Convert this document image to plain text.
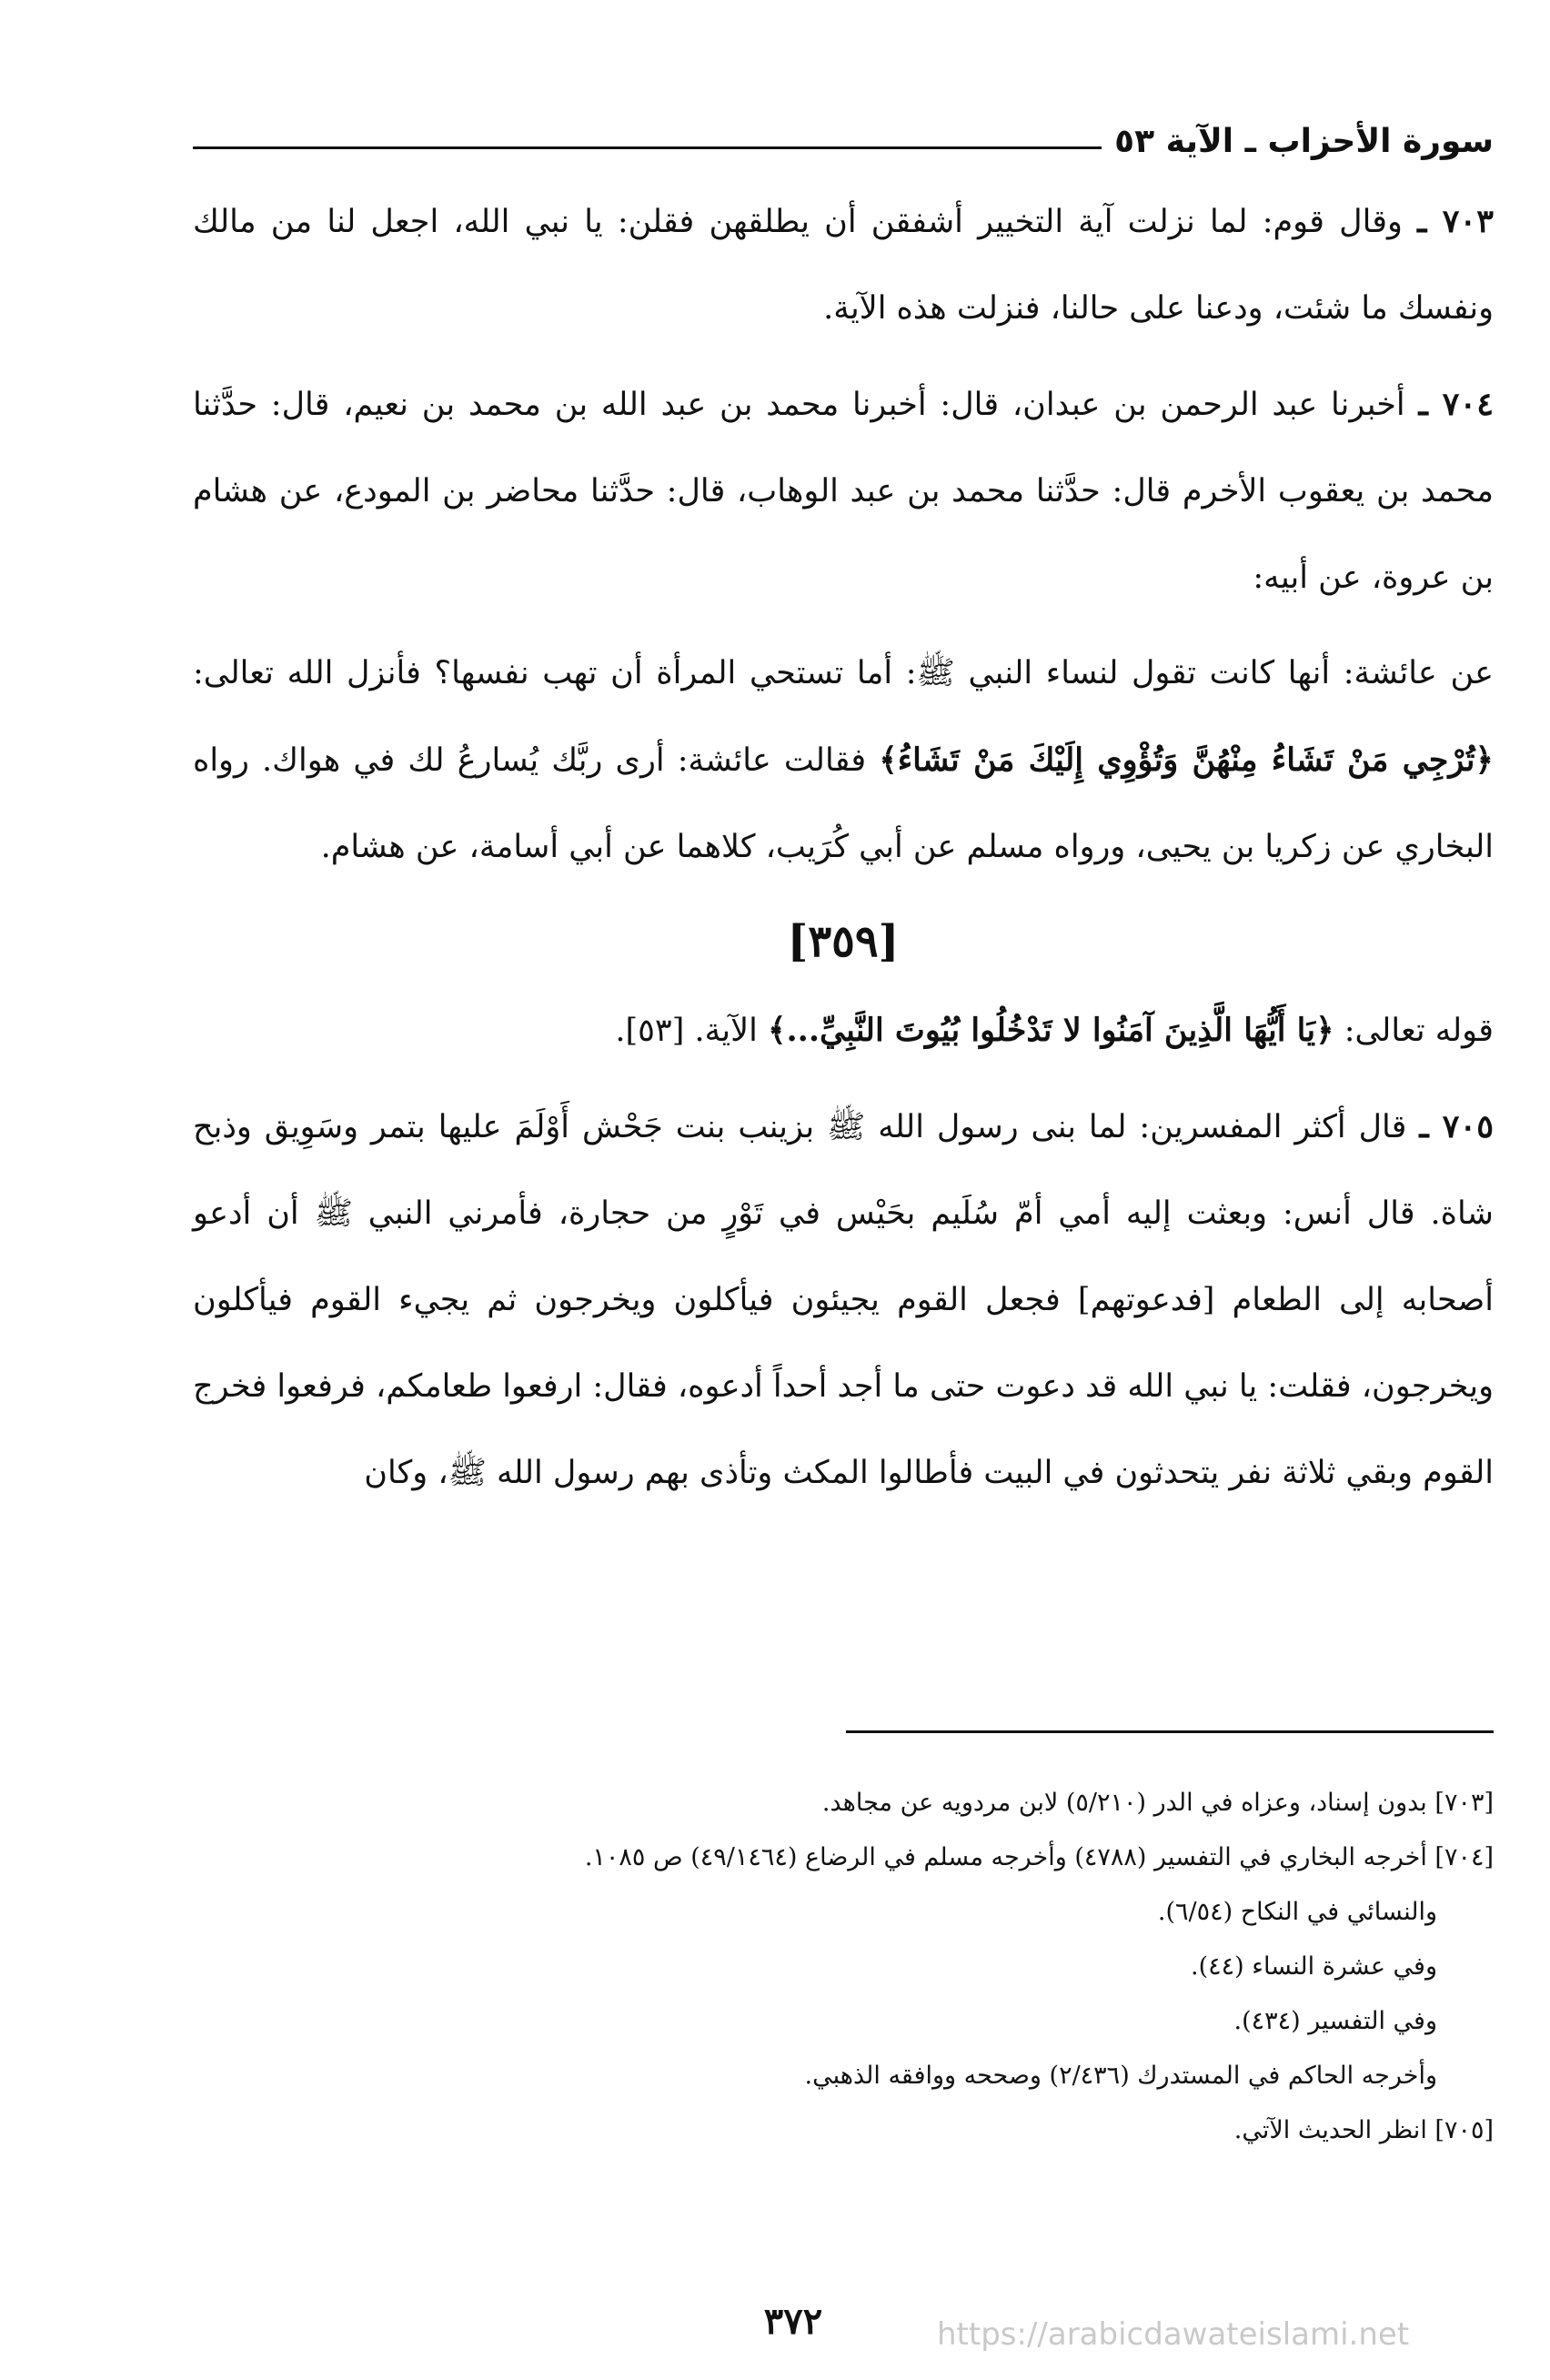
سورة الأحزاب ـ الآية ٥٣

٧٠٣ ـ وقال قوم: لما نزلت آية التخيير أشفقن أن يطلقهن فقلن: يا نبي الله، اجعل لنا من مالك ونفسك ما شئت، ودعنا على حالنا، فنزلت هذه الآية.

٧٠٤ ـ أخبرنا عبد الرحمن بن عبدان، قال: أخبرنا محمد بن عبد الله بن محمد بن نعيم، قال: حدَّثنا محمد بن يعقوب الأخرم قال: حدَّثنا محمد بن عبد الوهاب، قال: حدَّثنا محاضر بن المودع، عن هشام بن عروة، عن أبيه:

عن عائشة: أنها كانت تقول لنساء النبي ﷺ: أما تستحي المرأة أن تهب نفسها؟ فأنزل الله تعالى: ﴿تُرْجِي مَنْ تَشَاءُ مِنْهُنَّ وَتُؤْوِي إِلَيْكَ مَنْ تَشَاءُ﴾ فقالت عائشة: أرى ربَّك يُسارعُ لك في هواك. رواه البخاري عن زكريا بن يحيى، ورواه مسلم عن أبي كُرَيب، كلاهما عن أبي أسامة، عن هشام.

[٣٥٩]

قوله تعالى: ﴿يَا أَيُّهَا الَّذِينَ آمَنُوا لا تَدْخُلُوا بُيُوتَ النَّبِيِّ...﴾ الآية. [٥٣].

٧٠٥ ـ قال أكثر المفسرين: لما بنى رسول الله ﷺ بزينب بنت جَحْش أَوْلَمَ عليها بتمر وسَوِيق وذبح شاة. قال أنس: وبعثت إليه أمي أمّ سُلَيم بحَيْس في تَوْرٍ من حجارة، فأمرني النبي ﷺ أن أدعو أصحابه إلى الطعام [فدعوتهم] فجعل القوم يجيئون فيأكلون ويخرجون ثم يجيء القوم فيأكلون ويخرجون، فقلت: يا نبي الله قد دعوت حتى ما أجد أحداً أدعوه، فقال: ارفعوا طعامكم، فرفعوا فخرج القوم وبقي ثلاثة نفر يتحدثون في البيت فأطالوا المكث وتأذى بهم رسول الله ﷺ، وكان

[٧٠٣] بدون إسناد، وعزاه في الدر (٥/٢١٠) لابن مردويه عن مجاهد.

[٧٠٤] أخرجه البخاري في التفسير (٤٧٨٨) وأخرجه مسلم في الرضاع (٤٩/١٤٦٤) ص ١٠٨٥.

والنسائي في النكاح (٦/٥٤).

وفي عشرة النساء (٤٤).

وفي التفسير (٤٣٤).

وأخرجه الحاكم في المستدرك (٢/٤٣٦) وصححه ووافقه الذهبي.

[٧٠٥] انظر الحديث الآتي.

٣٧٢	https://arabicdawateislami.net
